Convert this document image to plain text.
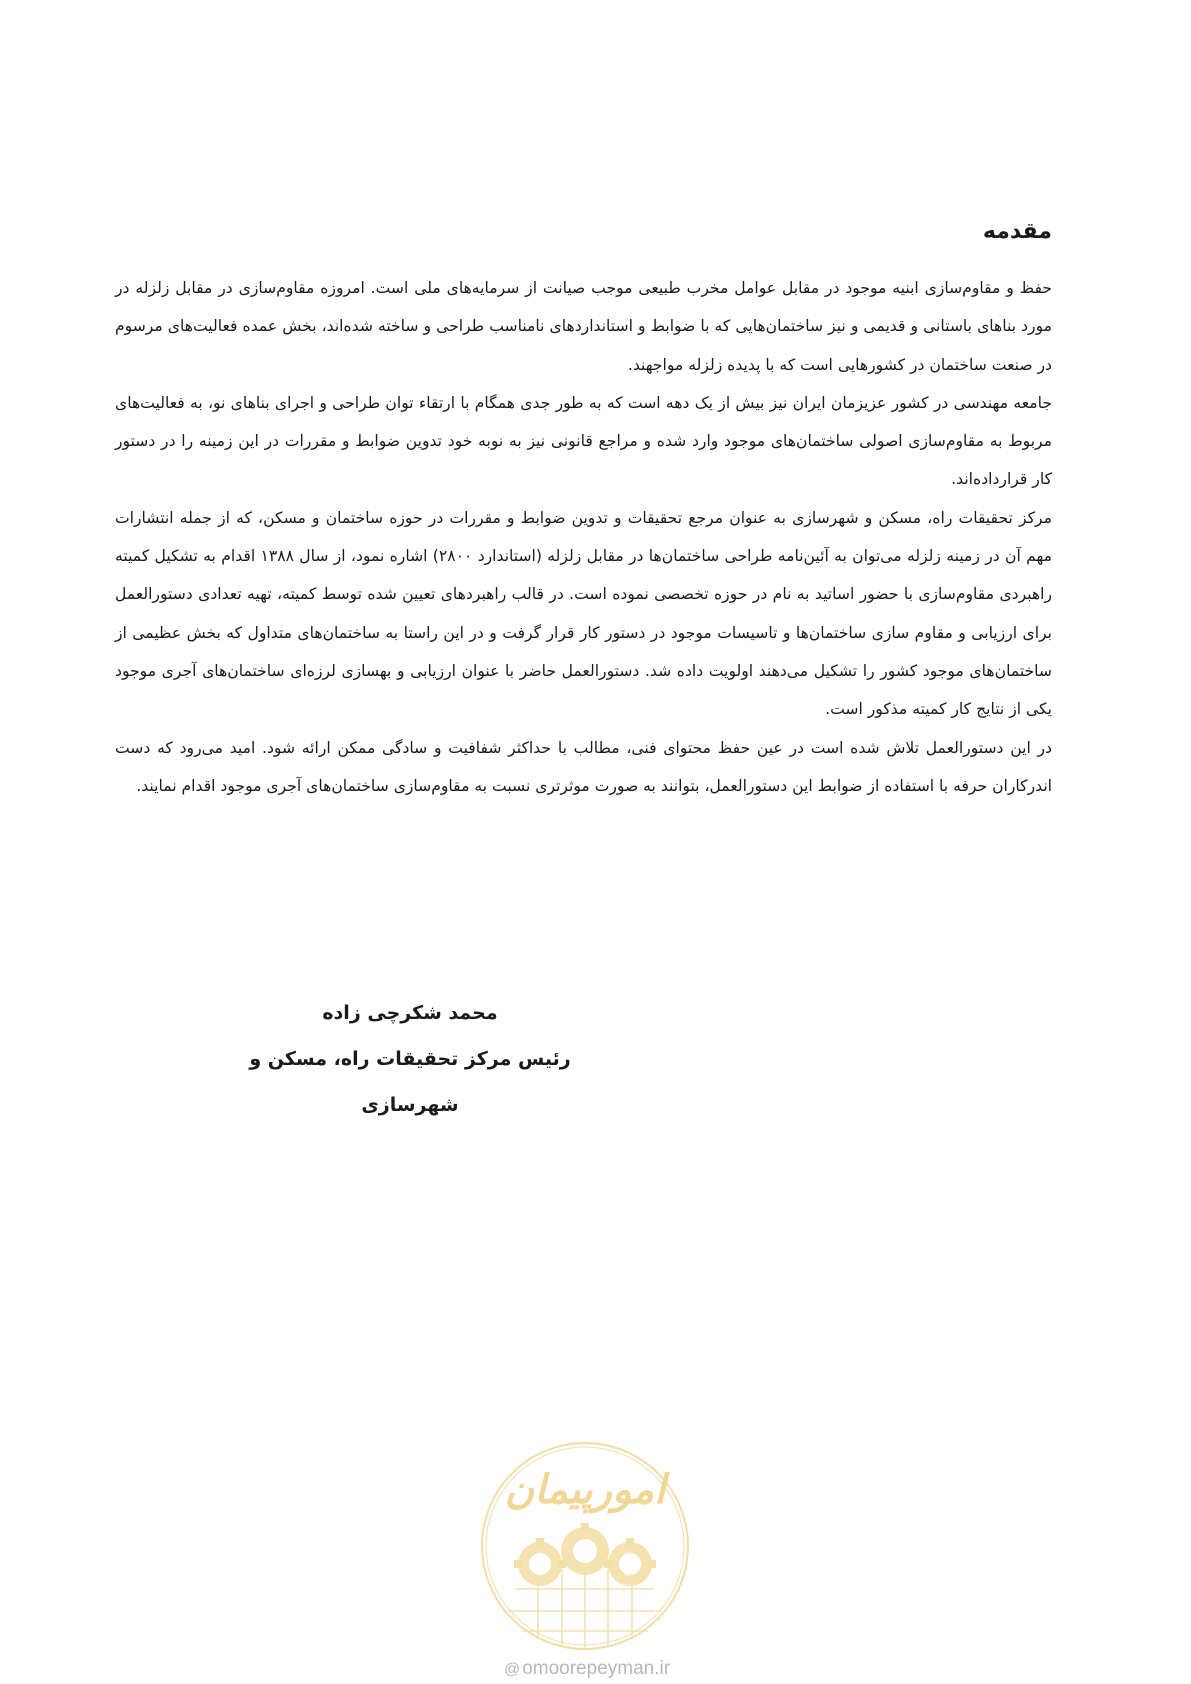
مقدمه

حفظ و مقاوم‌سازی ابنیه موجود در مقابل عوامل مخرب طبیعی موجب صیانت از سرمایه‌های ملی است. امروزه مقاوم‌سازی در مقابل زلزله در مورد بناهای باستانی و قدیمی و نیز ساختمان‌هایی که با ضوابط و استانداردهای نامناسب طراحی و ساخته شده‌اند، بخش عمده فعالیت‌های مرسوم در صنعت ساختمان در کشورهایی است که با پدیده زلزله مواجهند.

جامعه مهندسی در کشور عزیزمان ایران نیز بیش از یک دهه است که به طور جدی همگام با ارتقاء توان طراحی و اجرای بناهای نو، به فعالیت‌های مربوط به مقاوم‌سازی اصولی ساختمان‌های موجود وارد شده و مراجع قانونی نیز به نوبه خود تدوین ضوابط و مقررات در این زمینه را در دستور کار قرارداده‌اند.

مرکز تحقیقات راه، مسکن و شهرسازی به عنوان مرجع تحقیقات و تدوین ضوابط و مقررات در حوزه ساختمان و مسکن، که از جمله انتشارات مهم آن در زمینه زلزله می‌توان به آئین‌نامه طراحی ساختمان‌ها در مقابل زلزله (استاندارد ۲۸۰۰) اشاره نمود، از سال ۱۳۸۸ اقدام به تشکیل کمیته راهبردی مقاوم‌سازی با حضور اساتید به نام در حوزه تخصصی نموده است. در قالب راهبردهای تعیین شده توسط کمیته، تهیه تعدادی دستورالعمل برای ارزیابی و مقاوم سازی ساختمان‌ها و تاسیسات موجود در دستور کار قرار گرفت و در این راستا به ساختمان‌های متداول که بخش عظیمی از ساختمان‌های موجود کشور را تشکیل می‌دهند اولویت داده شد. دستورالعمل حاضر با عنوان ارزیابی و بهسازی لرزه‌ای ساختمان‌های آجری موجود یکی از نتایج کار کمیته مذکور است.

در این دستورالعمل تلاش شده است در عین حفظ محتوای فنی، مطالب با حداکثر شفافیت و سادگی ممکن ارائه شود. امید می‌رود که دست اندرکاران حرفه با استفاده از ضوابط این دستورالعمل، بتوانند به صورت موثرتری نسبت به مقاوم‌سازی ساختمان‌های آجری موجود اقدام نمایند.

محمد شکرچی زاده
رئیس مرکز تحقیقات راه، مسکن و شهرسازی
امورپیمان
@ omoorepeyman.ir
